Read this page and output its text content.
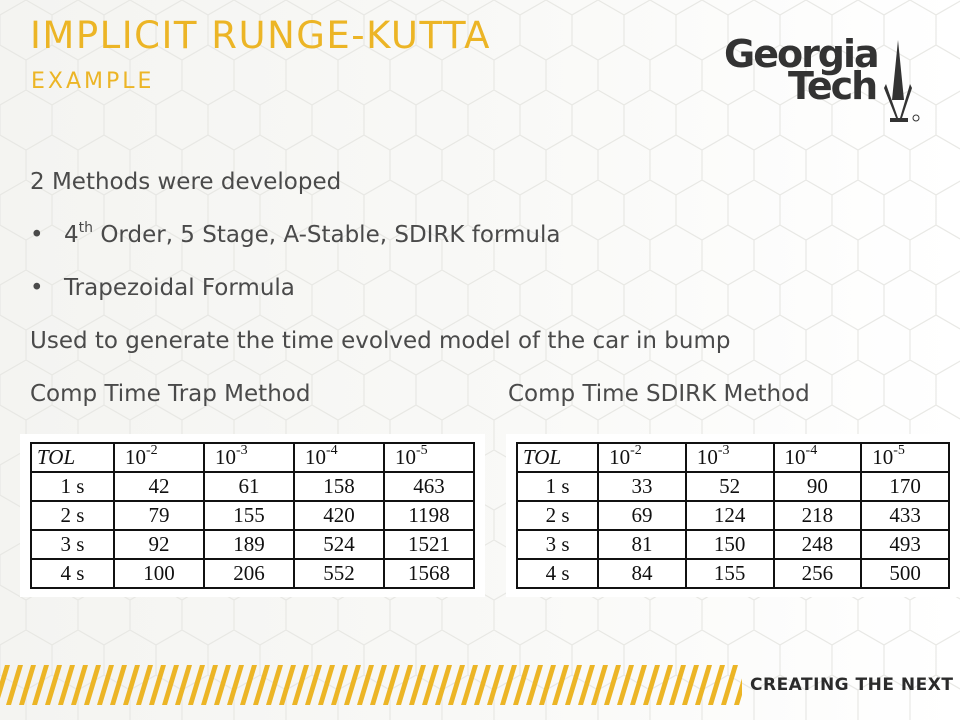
IMPLICIT RUNGE-KUTTA
EXAMPLE
Georgia
Tech
2 Methods were developed
• 4th Order, 5 Stage, A-Stable, SDIRK formula
• Trapezoidal Formula
Used to generate the time evolved model of the car in bump
Comp Time Trap Method	Comp Time SDIRK Method
TOL	$10^{-2}$	$10^{-3}$	$10^{-4}$	$10^{-5}$
1 s	42	61	158	463
2 s	79	155	420	1198
3 s	92	189	524	1521
4 s	100	206	552	1568
TOL	$10^{-2}$	$10^{-3}$	$10^{-4}$	$10^{-5}$
1 s	33	52	90	170
2 s	69	124	218	433
3 s	81	150	248	493
4 s	84	155	256	500

CREATING THE NEXT
